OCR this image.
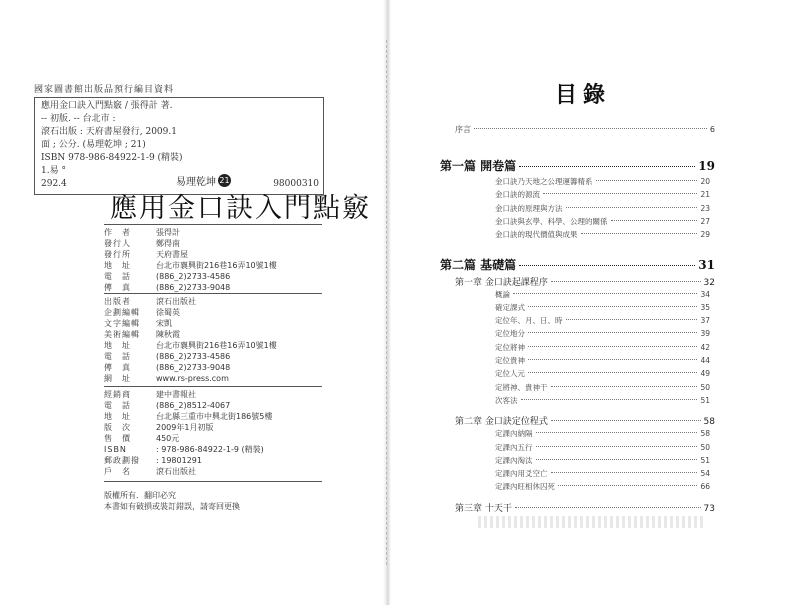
國家圖書館出版品預行編目資料
應用金口訣入門點竅 / 張得計 著.
-- 初版. -- 台北市 :
滾石出版 : 天府書屋發行, 2009.1
面 ; 公分. (易理乾坤 ; 21)
ISBN 978-986-84922-1-9 (精裝)
1.易 °
292.4	98000310
易理乾坤 21
應用金口訣入門點竅
作　者	張得計
發行人	鄭得南
發行所	天府書屋
地　址	台北市襄興街216巷16弄10號1樓
電　話	(886_2)2733-4586
傳　真	(886_2)2733-9048
出版者	滾石出版社
企劃編輯	徐蜀英
文字編輯	宋凱
美術編輯	陳秋霞
地　址	台北市襄興街216巷16弄10號1樓
電　話	(886_2)2733-4586
傳　真	(886_2)2733-9048
網　址	www.rs-press.com
經銷商	建中書報社
電　話	(886_2)8512-4067
地　址	台北縣三重市中興北街186號5樓
版　次	2009年1月初版
售　價	450元
ISBN	: 978-986-84922-1-9 (精裝)
郵政劃撥	: 19801291
戶　名	滾石出版社
版權所有．翻印必究
本書如有破損或裝訂錯誤，請寄回更換
目錄
序言	6
第一篇 開卷篇	19
金口訣乃天地之公理運籌精系	20
金口訣的源流	21
金口訣的原理與方法	23
金口訣與玄學、科學、公理的關係	27
金口訣的現代價值與成果	29
第二篇 基礎篇	31
第一章 金口訣起課程序	32
概論	34
確定課式	35
定位年、月、日、時	37
定位地分	39
定位將神	42
定位貴神	44
定位人元	49
定將神、貴神干	50
次客法	51
第二章 金口訣定位程式	58
定課內納隔	58
定課內五行	50
定課內淘汰	51
定課內用爻空亡	54
定課內旺相休囚死	66
第三章 十天干	73
